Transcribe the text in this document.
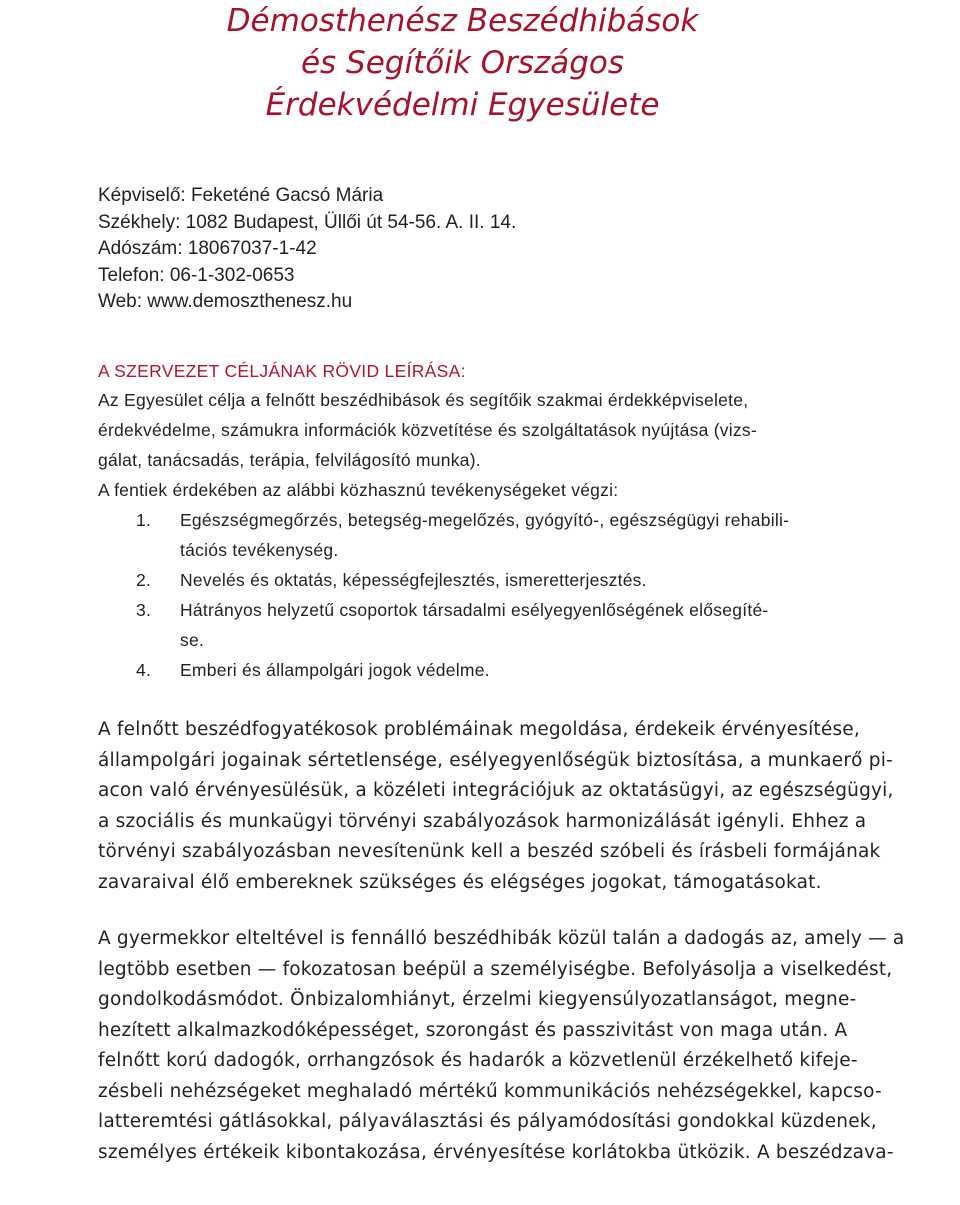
Démosthenész Beszédhibások
és Segítőik Országos
Érdekvédelmi Egyesülete
Képviselő: Feketéné Gacsó Mária
Székhely: 1082 Budapest, Üllői út 54-56. A. II. 14.
Adószám: 18067037-1-42
Telefon: 06-1-302-0653
Web: www.demoszthenesz.hu
A SZERVEZET CÉLJÁNAK RÖVID LEÍRÁSA:
Az Egyesület célja a felnőtt beszédhibások és segítőik szakmai érdekképviselete,
érdekvédelme, számukra információk közvetítése és szolgáltatások nyújtása (vizs-
gálat, tanácsadás, terápia, felvilágosító munka).
A fentiek érdekében az alábbi közhasznú tevékenységeket végzi:
1. Egészségmegőrzés, betegség-megelőzés, gyógyító-, egészségügyi rehabili-
tációs tevékenység.
2. Nevelés és oktatás, képességfejlesztés, ismeretterjesztés.
3. Hátrányos helyzetű csoportok társadalmi esélyegyenlőségének elősegíté-
se.
4. Emberi és állampolgári jogok védelme.
A felnőtt beszédfogyatékosok problémáinak megoldása, érdekeik érvényesítése,
állampolgári jogainak sértetlensége, esélyegyenlőségük biztosítása, a munkaerő pi-
acon való érvényesülésük, a közéleti integrációjuk az oktatásügyi, az egészségügyi,
a szociális és munkaügyi törvényi szabályozások harmonizálását igényli. Ehhez a
törvényi szabályozásban nevesítenünk kell a beszéd szóbeli és írásbeli formájának
zavaraival élő embereknek szükséges és elégséges jogokat, támogatásokat.
A gyermekkor elteltével is fennálló beszédhibák közül talán a dadogás az, amely — a
legtöbb esetben — fokozatosan beépül a személyiségbe. Befolyásolja a viselkedést,
gondolkodásmódot. Önbizalomhiányt, érzelmi kiegyensúlyozatlanságot, megne-
hezített alkalmazkodóképességet, szorongást és passzivitást von maga után. A
felnőtt korú dadogók, orrhangzósok és hadarók a közvetlenül érzékelhető kifeje-
zésbeli nehézségeket meghaladó mértékű kommunikációs nehézségekkel, kapcso-
latteremtési gátlásokkal, pályaválasztási és pályamódosítási gondokkal küzdenek,
személyes értékeik kibontakozása, érvényesítése korlátokba ütközik. A beszédzava-
